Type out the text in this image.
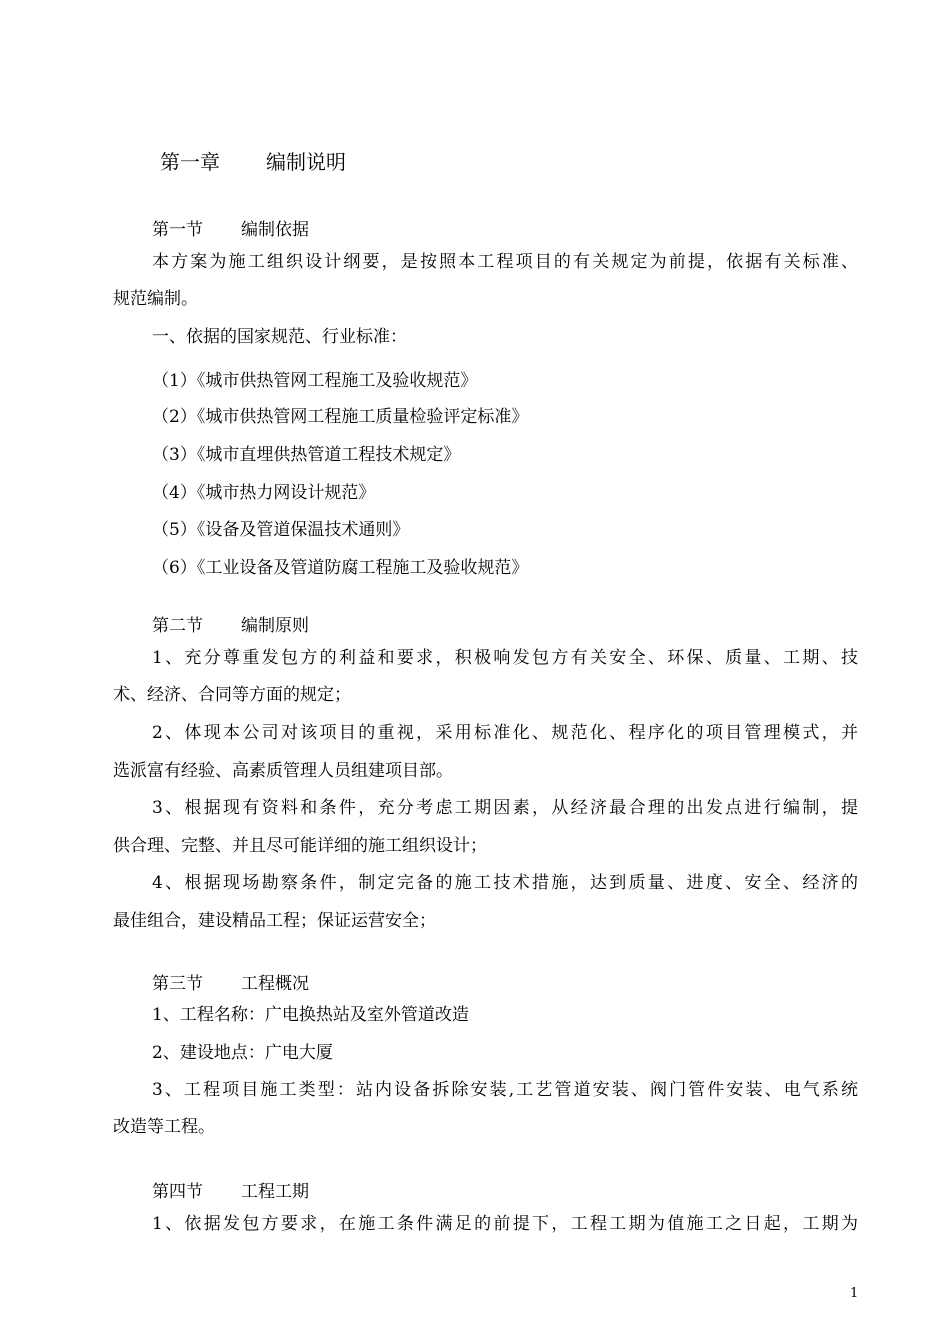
第一章 编制说明
第一节 编制依据
本方案为施工组织设计纲要，是按照本工程项目的有关规定为前提，依据有关标准、
规范编制。
一、依据的国家规范、行业标准：
（1）《城市供热管网工程施工及验收规范》
（2）《城市供热管网工程施工质量检验评定标准》
（3）《城市直埋供热管道工程技术规定》
（4）《城市热力网设计规范》
（5）《设备及管道保温技术通则》
（6）《工业设备及管道防腐工程施工及验收规范》
第二节 编制原则
1、充分尊重发包方的利益和要求，积极响发包方有关安全、环保、质量、工期、技
术、经济、合同等方面的规定；
2、体现本公司对该项目的重视，采用标准化、规范化、程序化的项目管理模式，并
选派富有经验、高素质管理人员组建项目部。
3、根据现有资料和条件，充分考虑工期因素，从经济最合理的出发点进行编制，提
供合理、完整、并且尽可能详细的施工组织设计；
4、根据现场勘察条件，制定完备的施工技术措施，达到质量、进度、安全、经济的
最佳组合，建设精品工程；保证运营安全；
第三节 工程概况
1、工程名称：广电换热站及室外管道改造
2、建设地点：广电大厦
3、工程项目施工类型：站内设备拆除安装,工艺管道安装、阀门管件安装、电气系统
改造等工程。
第四节 工程工期
1、依据发包方要求，在施工条件满足的前提下，工程工期为值施工之日起，工期为
1
